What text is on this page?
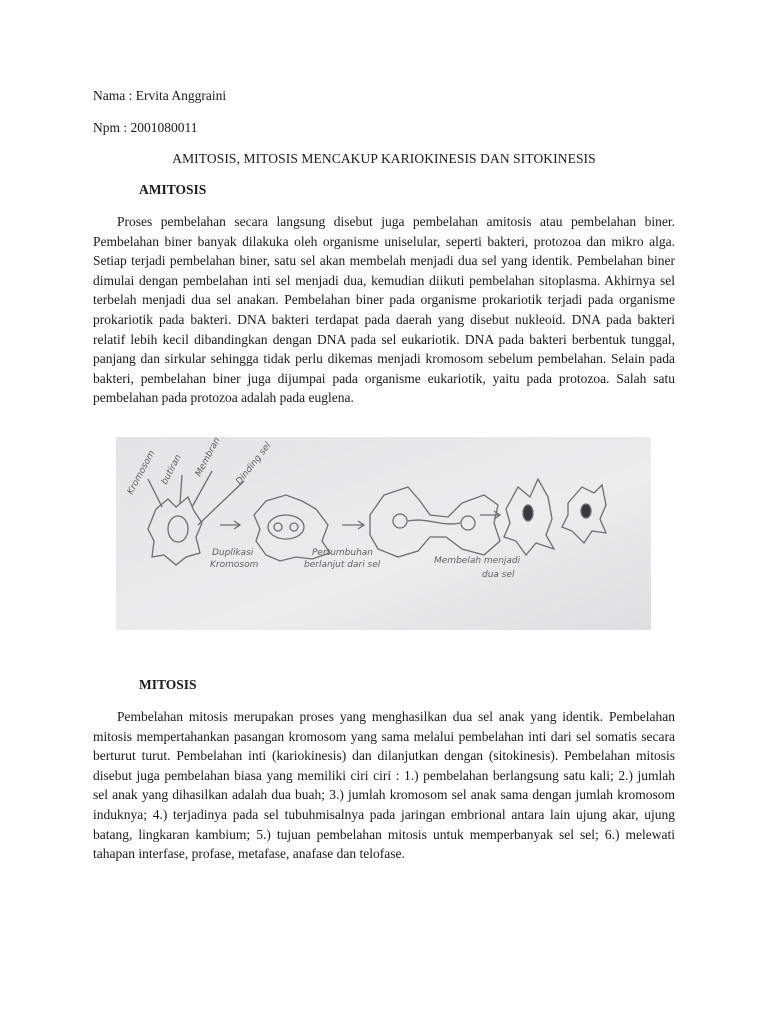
Nama : Ervita Anggraini
Npm : 2001080011
AMITOSIS, MITOSIS MENCAKUP KARIOKINESIS DAN SITOKINESIS
AMITOSIS

Proses pembelahan secara langsung disebut juga pembelahan amitosis atau pembelahan biner. Pembelahan biner banyak dilakuka oleh organisme uniselular, seperti bakteri, protozoa dan mikro alga. Setiap terjadi pembelahan biner, satu sel akan membelah menjadi dua sel yang identik. Pembelahan biner dimulai dengan pembelahan inti sel menjadi dua, kemudian diikuti pembelahan sitoplasma. Akhirnya sel terbelah menjadi dua sel anakan. Pembelahan biner pada organisme prokariotik terjadi pada organisme prokariotik pada bakteri. DNA bakteri terdapat pada daerah yang disebut nukleoid. DNA pada bakteri relatif lebih kecil dibandingkan dengan DNA pada sel eukariotik. DNA pada bakteri berbentuk tunggal, panjang dan sirkular sehingga tidak perlu dikemas menjadi kromosom sebelum pembelahan. Selain pada bakteri, pembelahan biner juga dijumpai pada organisme eukariotik, yaitu pada protozoa. Salah satu pembelahan pada protozoa adalah pada euglena.

Kromosom butiran	Dinding sel
Duplikasi
Kromosom
Pertumbuhan
berlanjut dari sel	Membelah menjadi
dua sel
MITOSIS

Pembelahan mitosis merupakan proses yang menghasilkan dua sel anak yang identik. Pembelahan mitosis mempertahankan pasangan kromosom yang sama melalui pembelahan inti dari sel somatis secara berturut turut. Pembelahan inti (kariokinesis) dan dilanjutkan dengan (sitokinesis). Pembelahan mitosis disebut juga pembelahan biasa yang memiliki ciri ciri : 1.) pembelahan berlangsung satu kali; 2.) jumlah sel anak yang dihasilkan adalah dua buah; 3.) jumlah kromosom sel anak sama dengan jumlah kromosom induknya; 4.) terjadinya pada sel tubuhmisalnya pada jaringan embrional antara lain ujung akar, ujung batang, lingkaran kambium; 5.) tujuan pembelahan mitosis untuk memperbanyak sel sel; 6.) melewati tahapan interfase, profase, metafase, anafase dan telofase.
